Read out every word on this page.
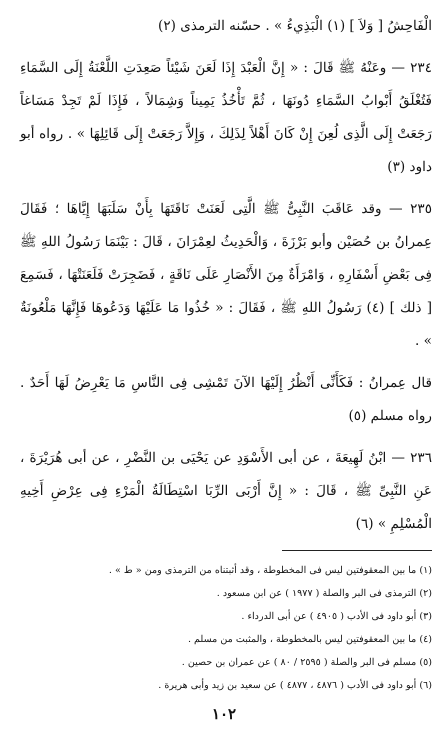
الْفَاحِشُ [ وَلاَ ] (١) الْبَذِيءُ » . حسّنه الترمذى (٢)

٢٣٤ — وعَنْهُ ﷺ قَالَ : « إِنَّ الْعَبْدَ إِذَا لَعَنَ شَيْئاً صَعِدَتِ اللَّعْنَةُ إِلَى السَّمَاءِ فَتُغْلَقُ أَبْوابُ السَّمَاءِ دُونَهَا ، ثُمَّ تَأْخُذُ يَمِيناً وَشِمَالاً ، فَإِذَا لَمْ تَجِدْ مَسَاغاً رَجَعَتْ إِلَى الَّذِى لُعِنَ إِنْ كَانَ أَهْلاً لِذَلِكَ ، وَإِلاَّ رَجَعَتْ إِلَى قَائِلِهَا » . رواه أبو داود (٣)

٢٣٥ — وقد عَاقَبَ النَّبِىُّ ﷺ الَّتِى لَعَنَتْ نَاقَتَهَا بِأَنْ سَلَبَهَا إِيَّاهَا ؛ فَقَالَ عِمرانُ بن حُصَيْن وأبو بَرْزَةَ ، وَالْحَدِيثُ لعِمْرَانَ ، قَالَ : بَيْنَمَا رَسُولُ اللهِ ﷺ فِى بَعْضِ أَسْفَارِهِ ، وَامْرَأَةٌ مِنَ الأَنْصَارِ عَلَى نَاقَةٍ ، فَضَجِرَتْ فَلَعَنَتْهَا ، فَسَمِعَ [ ذلك ] (٤) رَسُولُ اللهِ ﷺ ، فَقَالَ : « خُذُوا مَا عَلَيْهَا وَدَعُوهَا فَإِنَّهَا مَلْعُونَةٌ » .

قال عِمرانُ : فَكَأَنِّى أَنْظُرُ إِلَيْهَا الآنَ تَمْشِى فِى النَّاسِ مَا يَعْرِضُ لَهَا أَحَدٌ . رواه مسلم (٥)

٢٣٦ — ابْنُ لَهِيعَةَ ، عن أبى الأَسْوَدِ عن يَحْيَى بن النَّضْرِ ، عن أبى هُرَيْرَةَ ، عَنِ النَّبِىِّ ﷺ ، قَالَ : « إِنَّ أَرْبَى الرِّبَا اسْتِطَالَةُ الْمَرْءِ فِى عِرْضِ أَخِيهِ الْمُسْلِمِ » (٦)

(١) ما بين المعقوفتين ليس فى المخطوطة ، وقد أثبتناه من الترمذى ومن « ط » .
(٢) الترمذى فى البر والصلة ( ١٩٧٧ ) عن ابن مسعود .
(٣) أبو داود فى الأدب ( ٤٩٠٥ ) عن أبى الدرداء .
(٤) ما بين المعقوفتين ليس بالمخطوطة ، والمثبت من مسلم .
(٥) مسلم فى البر والصلة ( ٢٥٩٥ / ٨٠ ) عن عمران بن حصين .
(٦) أبو داود فى الأدب ( ٤٨٧٦ ، ٤٨٧٧ ) عن سعيد بن زيد وأبى هريرة .
١٠٢
